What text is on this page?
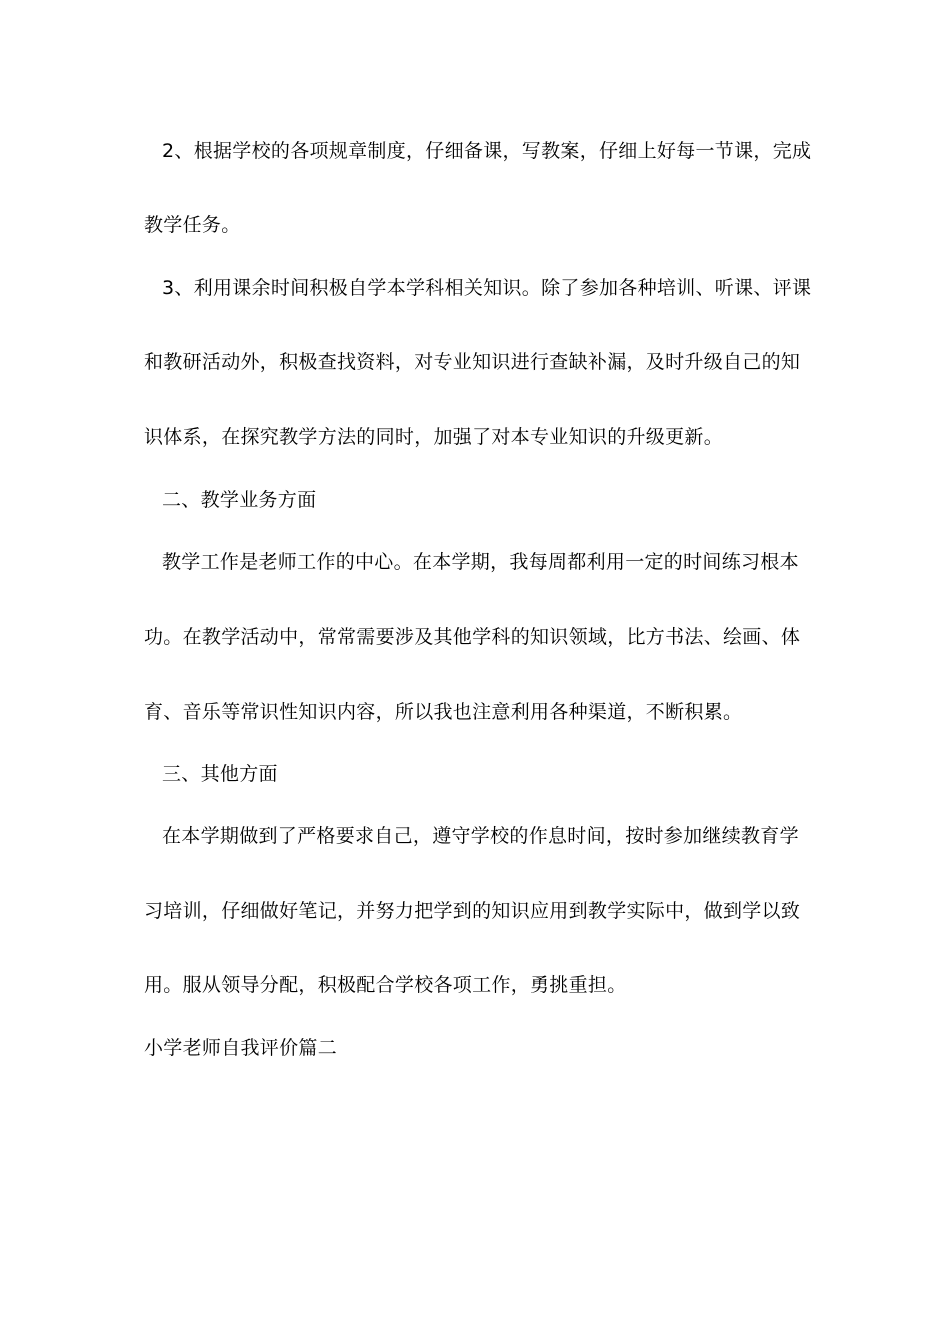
2、根据学校的各项规章制度，仔细备课，写教案，仔细上好每一节课，完成

教学任务。

3、利用课余时间积极自学本学科相关知识。除了参加各种培训、听课、评课

和教研活动外，积极查找资料，对专业知识进行查缺补漏，及时升级自己的知

识体系，在探究教学方法的同时，加强了对本专业知识的升级更新。

二、教学业务方面

教学工作是老师工作的中心。在本学期，我每周都利用一定的时间练习根本

功。在教学活动中，常常需要涉及其他学科的知识领域，比方书法、绘画、体

育、音乐等常识性知识内容，所以我也注意利用各种渠道，不断积累。

三、其他方面

在本学期做到了严格要求自己，遵守学校的作息时间，按时参加继续教育学

习培训，仔细做好笔记，并努力把学到的知识应用到教学实际中，做到学以致

用。服从领导分配，积极配合学校各项工作，勇挑重担。

小学老师自我评价篇二
